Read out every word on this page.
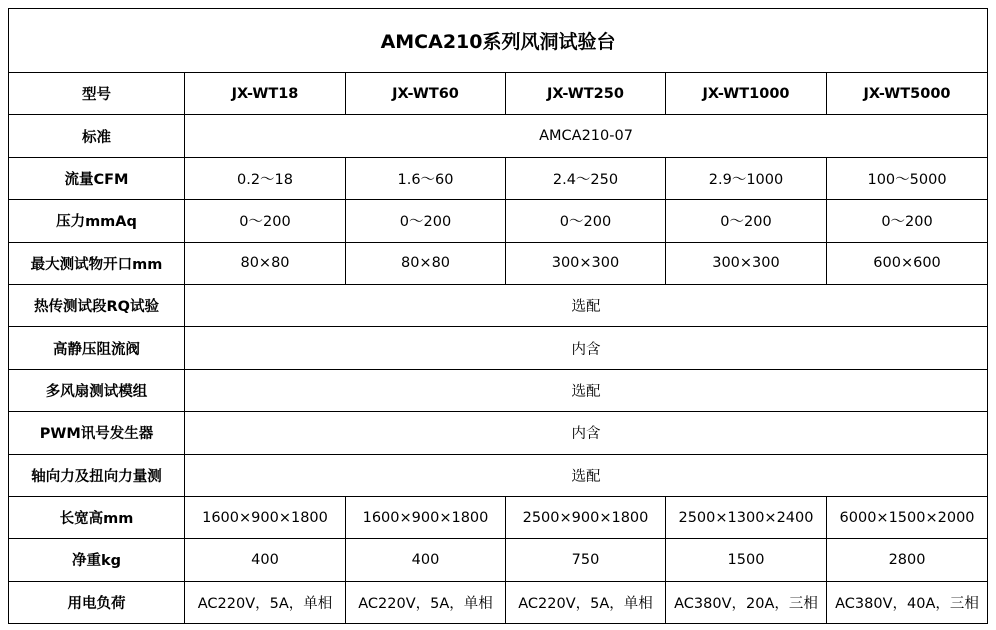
AMCA210系列风洞试验台					
型号	JX-WT18	JX-WT60	JX-WT250	JX-WT1000	JX-WT5000
标准	AMCA210-07				
流量CFM	0.2～18	1.6～60	2.4～250	2.9～1000	100～5000
压力mmAq	0～200	0～200	0～200	0～200	0～200
最大测试物开口mm	80×80	80×80	300×300	300×300	600×600
热传测试段RQ试验	选配				
高静压阻流阀	内含				
多风扇测试模组	选配				
PWM讯号发生器	内含				
轴向力及扭向力量测	选配				
长宽高mm	1600×900×1800	1600×900×1800	2500×900×1800	2500×1300×2400	6000×1500×2000
净重kg	400	400	750	1500	2800
用电负荷	AC220V，5A，单相	AC220V，5A，单相	AC220V，5A，单相	AC380V，20A，三相	AC380V，40A，三相
